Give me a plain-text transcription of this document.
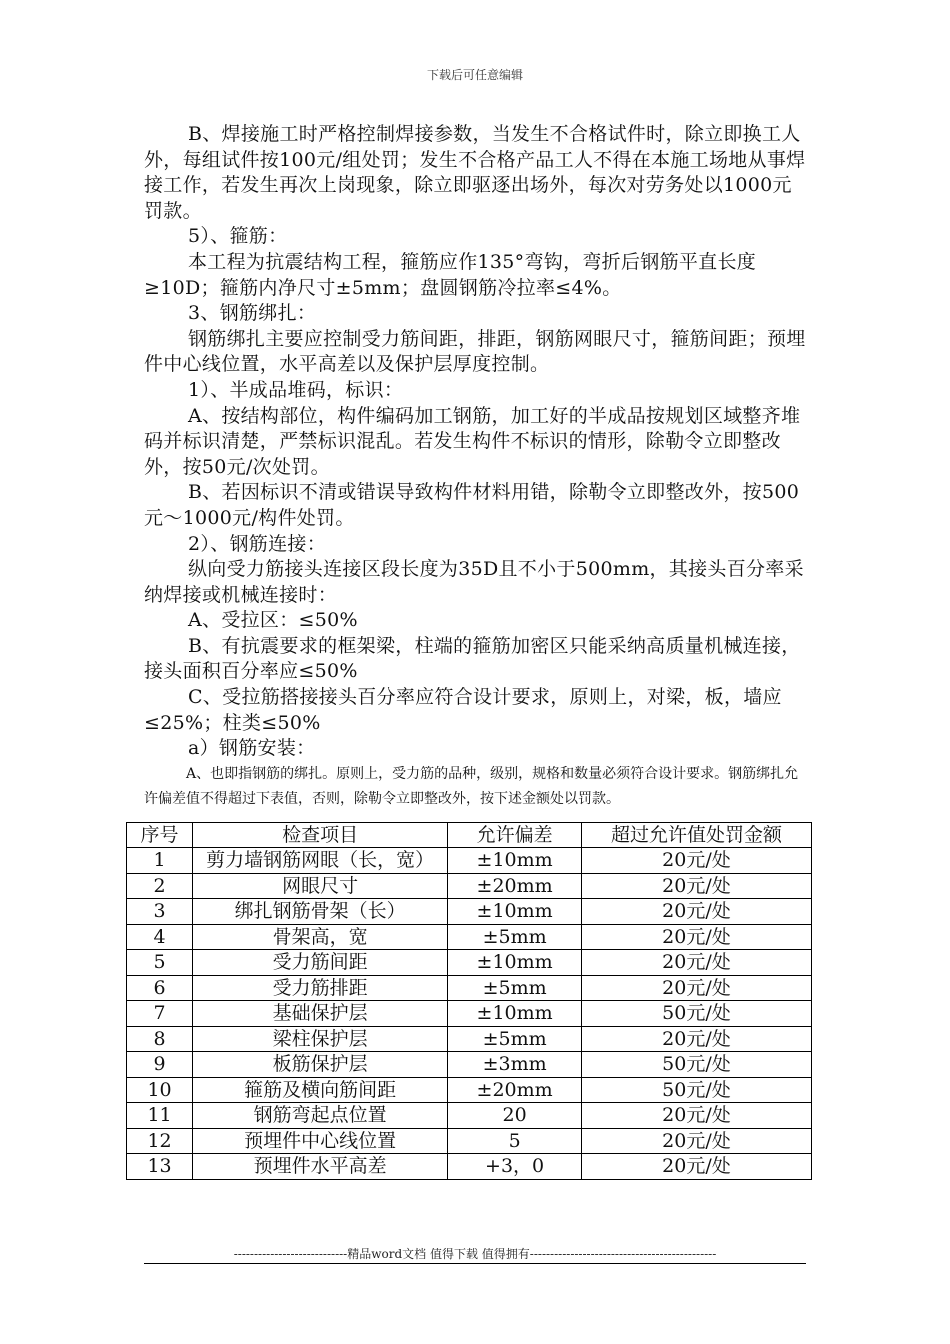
下载后可任意编辑

B、焊接施工时严格控制焊接参数，当发生不合格试件时，除立即换工人外，每组试件按100元/组处罚；发生不合格产品工人不得在本施工场地从事焊接工作，若发生再次上岗现象，除立即驱逐出场外，每次对劳务处以1000元罚款。

5）、箍筋：

本工程为抗震结构工程，箍筋应作135°弯钩，弯折后钢筋平直长度≥10D；箍筋内净尺寸±5mm；盘圆钢筋冷拉率≤4%。

3、钢筋绑扎：

钢筋绑扎主要应控制受力筋间距，排距，钢筋网眼尺寸，箍筋间距；预埋件中心线位置，水平高差以及保护层厚度控制。

1）、半成品堆码，标识：

A、按结构部位，构件编码加工钢筋，加工好的半成品按规划区域整齐堆码并标识清楚，严禁标识混乱。若发生构件不标识的情形，除勒令立即整改外，按50元/次处罚。

B、若因标识不清或错误导致构件材料用错，除勒令立即整改外，按500元～1000元/构件处罚。

2）、钢筋连接：

纵向受力筋接头连接区段长度为35D且不小于500mm，其接头百分率采纳焊接或机械连接时：

A、受拉区：≤50%

B、有抗震要求的框架梁，柱端的箍筋加密区只能采纳高质量机械连接，接头面积百分率应≤50%

C、受拉筋搭接接头百分率应符合设计要求，原则上，对梁，板，墙应≤25%；柱类≤50%

a）钢筋安装：

A、也即指钢筋的绑扎。原则上，受力筋的品种，级别，规格和数量必须符合设计要求。钢筋绑扎允许偏差值不得超过下表值，否则，除勒令立即整改外，按下述金额处以罚款。

序号	检查项目	允许偏差	超过允许值处罚金额
1	剪力墙钢筋网眼（长，宽）	±10mm	20元/处
2	网眼尺寸	±20mm	20元/处
3	绑扎钢筋骨架（长）	±10mm	20元/处
4	骨架高，宽	±5mm	20元/处
5	受力筋间距	±10mm	20元/处
6	受力筋排距	±5mm	20元/处
7	基础保护层	±10mm	50元/处
8	梁柱保护层	±5mm	20元/处
9	板筋保护层	±3mm	50元/处
10	箍筋及横向筋间距	±20mm	50元/处
11	钢筋弯起点位置	20	20元/处
12	预埋件中心线位置	5	20元/处
13	预埋件水平高差	+3，0	20元/处
----------------------------精品word文档 值得下载 值得拥有----------------------------------------------
